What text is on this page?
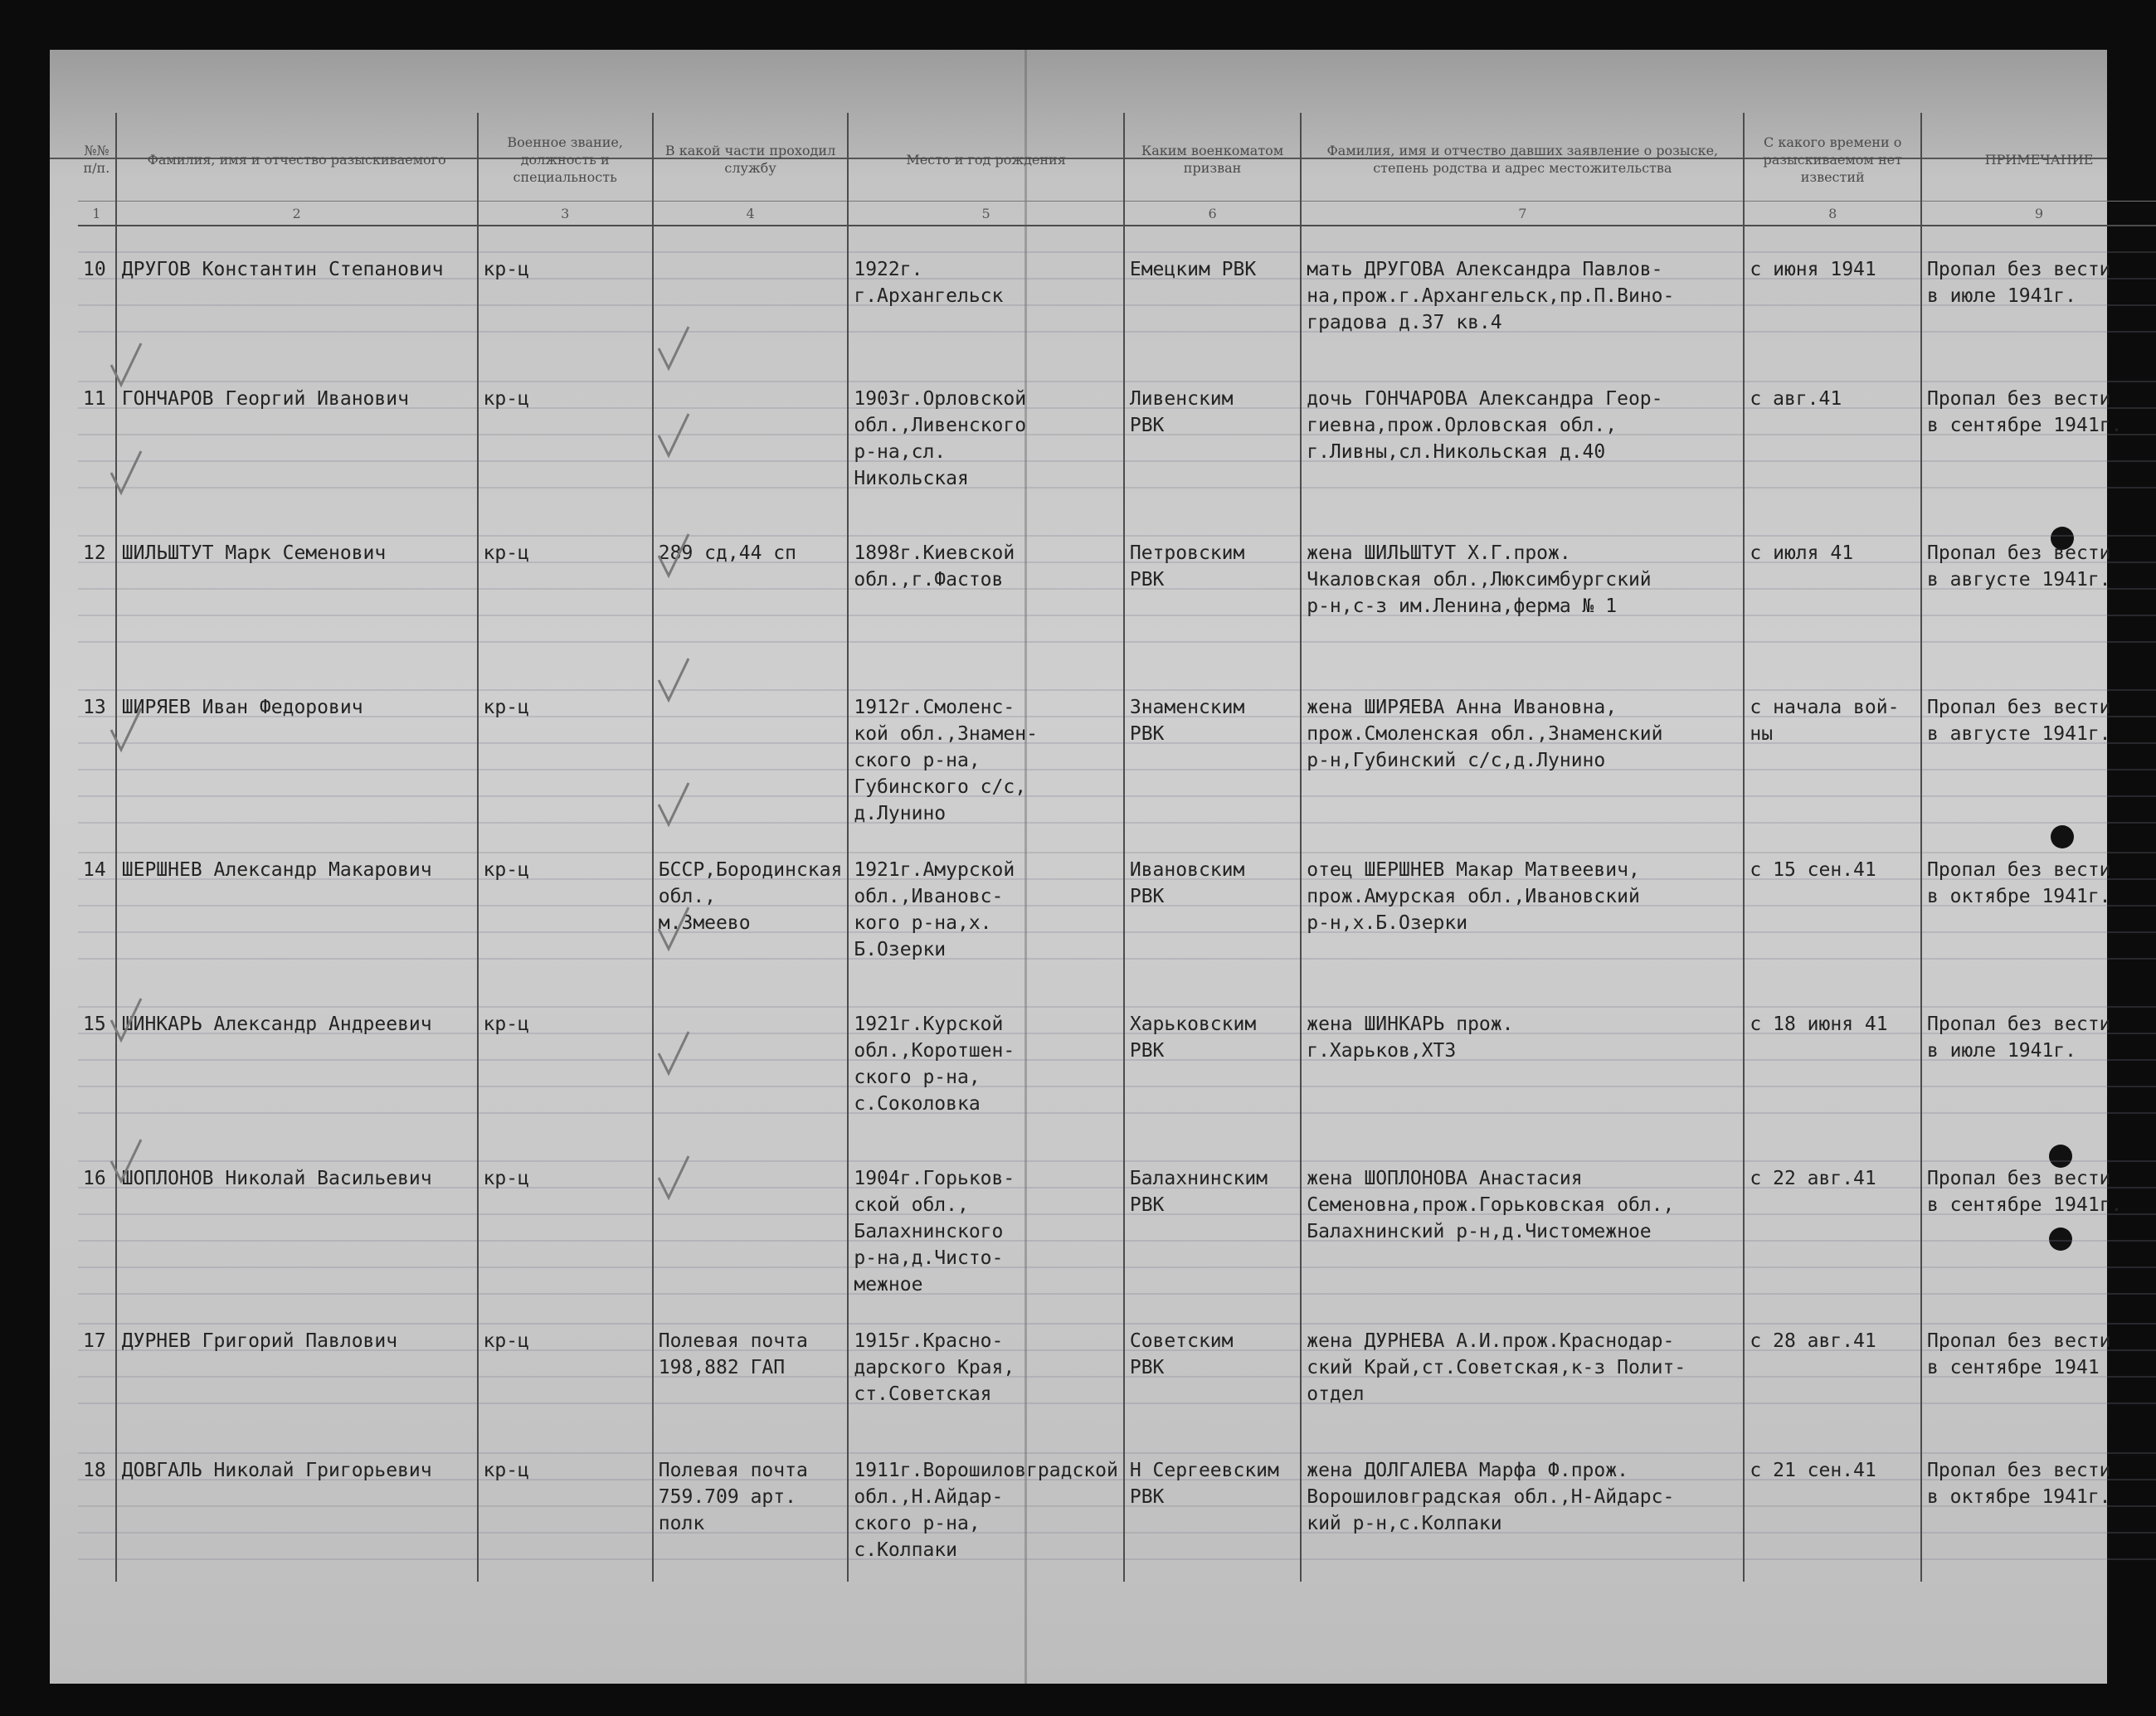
№№ п/п.	Фамилия, имя и отчество разыскиваемого	Военное звание, должность и специальность	В какой части проходил службу	Место и год рождения	Каким военкоматом призван	Фамилия, имя и отчество давших заявление о розыске, степень родства и адрес местожительства	С какого времени о разыскиваемом нет известий	ПРИМЕЧАНИЕ
1	2	3	4	5	6	7	8	9
10	ДРУГОВ Константин Степанович	кр-ц		1922г.
г.Архангельск	Емецким РВК	мать ДРУГОВА Александра Павлов-
на,прож.г.Архангельск,пр.П.Вино-
градова д.37 кв.4	с июня 1941	Пропал без вести
в июле 1941г.
11	ГОНЧАРОВ Георгий Иванович	кр-ц		1903г.Орловской
обл.,Ливенского
р-на,сл.
Никольская	Ливенским
РВК	дочь ГОНЧАРОВА Александра Геор-
гиевна,прож.Орловская обл.,
г.Ливны,сл.Никольская д.40	с авг.41	Пропал без вести
в сентябре 1941г.
12	ШИЛЬШТУТ Марк Семенович	кр-ц	289 сд,44 сп	1898г.Киевской
обл.,г.Фастов	Петровским
РВК	жена ШИЛЬШТУТ Х.Г.прож.
Чкаловская обл.,Люксимбургский
р-н,с-з им.Ленина,ферма № 1	с июля 41	Пропал без вести
в августе 1941г.
13	ШИРЯЕВ Иван Федорович	кр-ц		1912г.Смоленс-
кой обл.,Знамен-
ского р-на,
Губинского с/с,
д.Лунино	Знаменским
РВК	жена ШИРЯЕВА Анна Ивановна,
прож.Смоленская обл.,Знаменский
р-н,Губинский с/с,д.Лунино	с начала вой-
ны	Пропал без вести
в августе 1941г.
14	ШЕРШНЕВ Александр Макарович	кр-ц	БССР,Бородинская обл.,
м.Змеево	1921г.Амурской
обл.,Ивановс-
кого р-на,х.
Б.Озерки	Ивановским
РВК	отец ШЕРШНЕВ Макар Матвеевич,
прож.Амурская обл.,Ивановский
р-н,х.Б.Озерки	с 15 сен.41	Пропал без вести
в октябре 1941г.
15	ШИНКАРЬ Александр Андреевич	кр-ц		1921г.Курской
обл.,Коротшен-
ского р-на,
с.Соколовка	Харьковским
РВК	жена ШИНКАРЬ прож.
г.Харьков,ХТЗ	с 18 июня 41	Пропал без вести
в июле 1941г.
16	ШОПЛОНОВ Николай Васильевич	кр-ц		1904г.Горьков-
ской обл.,
Балахнинского
р-на,д.Чисто-
межное	Балахнинским
РВК	жена ШОПЛОНОВА Анастасия
Семеновна,прож.Горьковская обл.,
Балахнинский р-н,д.Чистомежное	с 22 авг.41	Пропал без вести
в сентябре 1941г.
17	ДУРНЕВ Григорий Павлович	кр-ц	Полевая почта
198,882 ГАП	1915г.Красно-
дарского Края,
ст.Советская	Советским
РВК	жена ДУРНЕВА А.И.прож.Краснодар-
ский Край,ст.Советская,к-з Полит-
отдел	с 28 авг.41	Пропал без вести
в сентябре 1941
18	ДОВГАЛЬ Николай Григорьевич	кр-ц	Полевая почта
759.709 арт.
полк	1911г.Ворошиловградской
обл.,Н.Айдар-
ского р-на,
с.Колпаки	Н Сергеевским
РВК	жена ДОЛГАЛЕВА Марфа Ф.прож.
Ворошиловградская обл.,Н-Айдарс-
кий р-н,с.Колпаки	с 21 сен.41	Пропал без вести
в октябре 1941г.
